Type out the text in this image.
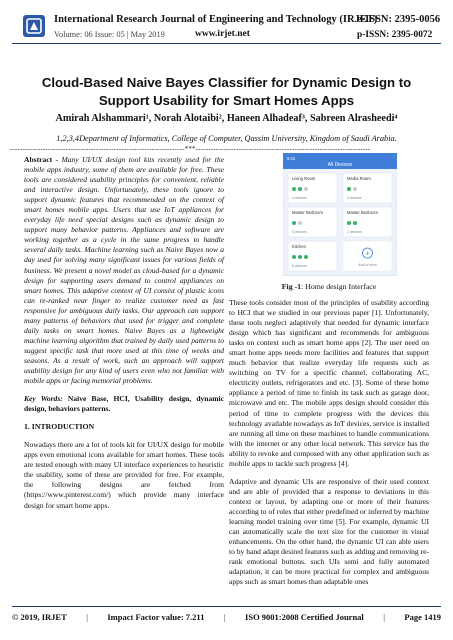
International Research Journal of Engineering and Technology (IRJET)
e-ISSN: 2395-0056
Volume: 06 Issue: 05 | May 2019	www.irjet.net	p-ISSN: 2395-0072
Cloud-Based Naive Bayes Classifier for Dynamic Design to Support Usability for Smart Homes Apps
Amirah Alshammari¹, Norah Alotaibi², Haneen Alhadeaf³, Sabreen Alrasheedi⁴
1,2,3,4Department of Informatics, College of Computer, Qassim University, Kingdom of Saudi Arabia.
---------------------------------------------------------------------***---------------------------------------------------------------------

Abstract - Many UI/UX design tool kits recently used for the mobile apps industry, some of them are available for free. These tools are considered usability principles for convenient, reliable and interactive design. Unfortunately, these tools ignore to support dynamic features that recommended on the context of smart homes mobile apps. Users that use IoT appliances for everyday life need special designs such as dynamic design to support many behavior patterns. Appliances and software are working together as a cycle in the same progress to handle several daily tasks. Machine learning such as Naive Bayes now a day used for solving many significant issues for various fields of business. We present a novel model as cloud-based for a dynamic design for supporting users demand to control appliances on smart homes. This adaptive context of UI consist of plastic icons can re-ranked near finger to realize customer need as fast responsive for ambiguous daily tasks. Our approach can support many patterns of behaviors that used for trigger and complete daily tasks on smart homes. Naive Bayes as a lightweight machine learning algorithm that trained by daily used patterns to suggest specific task that more used at this time of weeks and seasons. As a result of work, such an approach will support usability design for any kind of users even who not familiar with mobile apps or facing memorial problems.

Key Words: Naive Base, HCI, Usability design, dynamic design, behaviors patterns.

1. INTRODUCTION

Nowadays there are a lot of tools kit for UI/UX design for mobile apps even emotional icons available for smart homes. These tools are tested enough with many UI interface experiences to heuristic the usability, some of these are provided for free. For example, the following designs are fetched from (https://www.pinterest.com/) which provide many interface design for smart home apps.

9:41
All Devices
Living Room
4 devices
Media Room
3 devices
Master Bedroom
5 devices
Master Bedroom
2 devices
Kitchen
6 devices
+
Add a room
Fig -1: Home design Interface

These tools consider most of the principles of usability according to HCI that we studied in our previous paper [1]. Unfortunately, these tools neglect adaptively that needed for dynamic interface design which has significant and recommends for ambiguous tasks on context such as smart home apps [2]. The user need on smart home apps needs more facilities and features that support much behavior that realize everyday life requests such as switching on TV for a specific channel, collaborating AC, electricity outlets, refrigerators and etc. [3]. Some of these home appliance a period of time to finish its task such as garage door, microwave and etc. The mobile apps design should consider this period of time to complete progress with the devices this technology available nowadays as IoT devices, service is installed are running all time on these machines to handle communications with the internet or any other local network. This service has the ability to revoke and composed with any other application such as mobile apps to tackle such progress [4].

Adaptive and dynamic UIs are responsive of their used context and are able of provided that a response to deviations in this context or layout, by adapting one or more of their features according to of rules that either predefined or inferred by machine learning model training over time [5]. For example, dynamic UI can automatically scale the text size for the customer in visual enhancements. On the other hand, the dynamic UI can able users to by hand adapt desired features such as adding and removing re-rank emotional buttons. such UIs semi and fully automated adaptation, it can be more practical for complex and ambiguous apps such as smart homes than adaptable ones

© 2019, IRJET | Impact Factor value: 7.211 | ISO 9001:2008 Certified Journal | Page 1419
